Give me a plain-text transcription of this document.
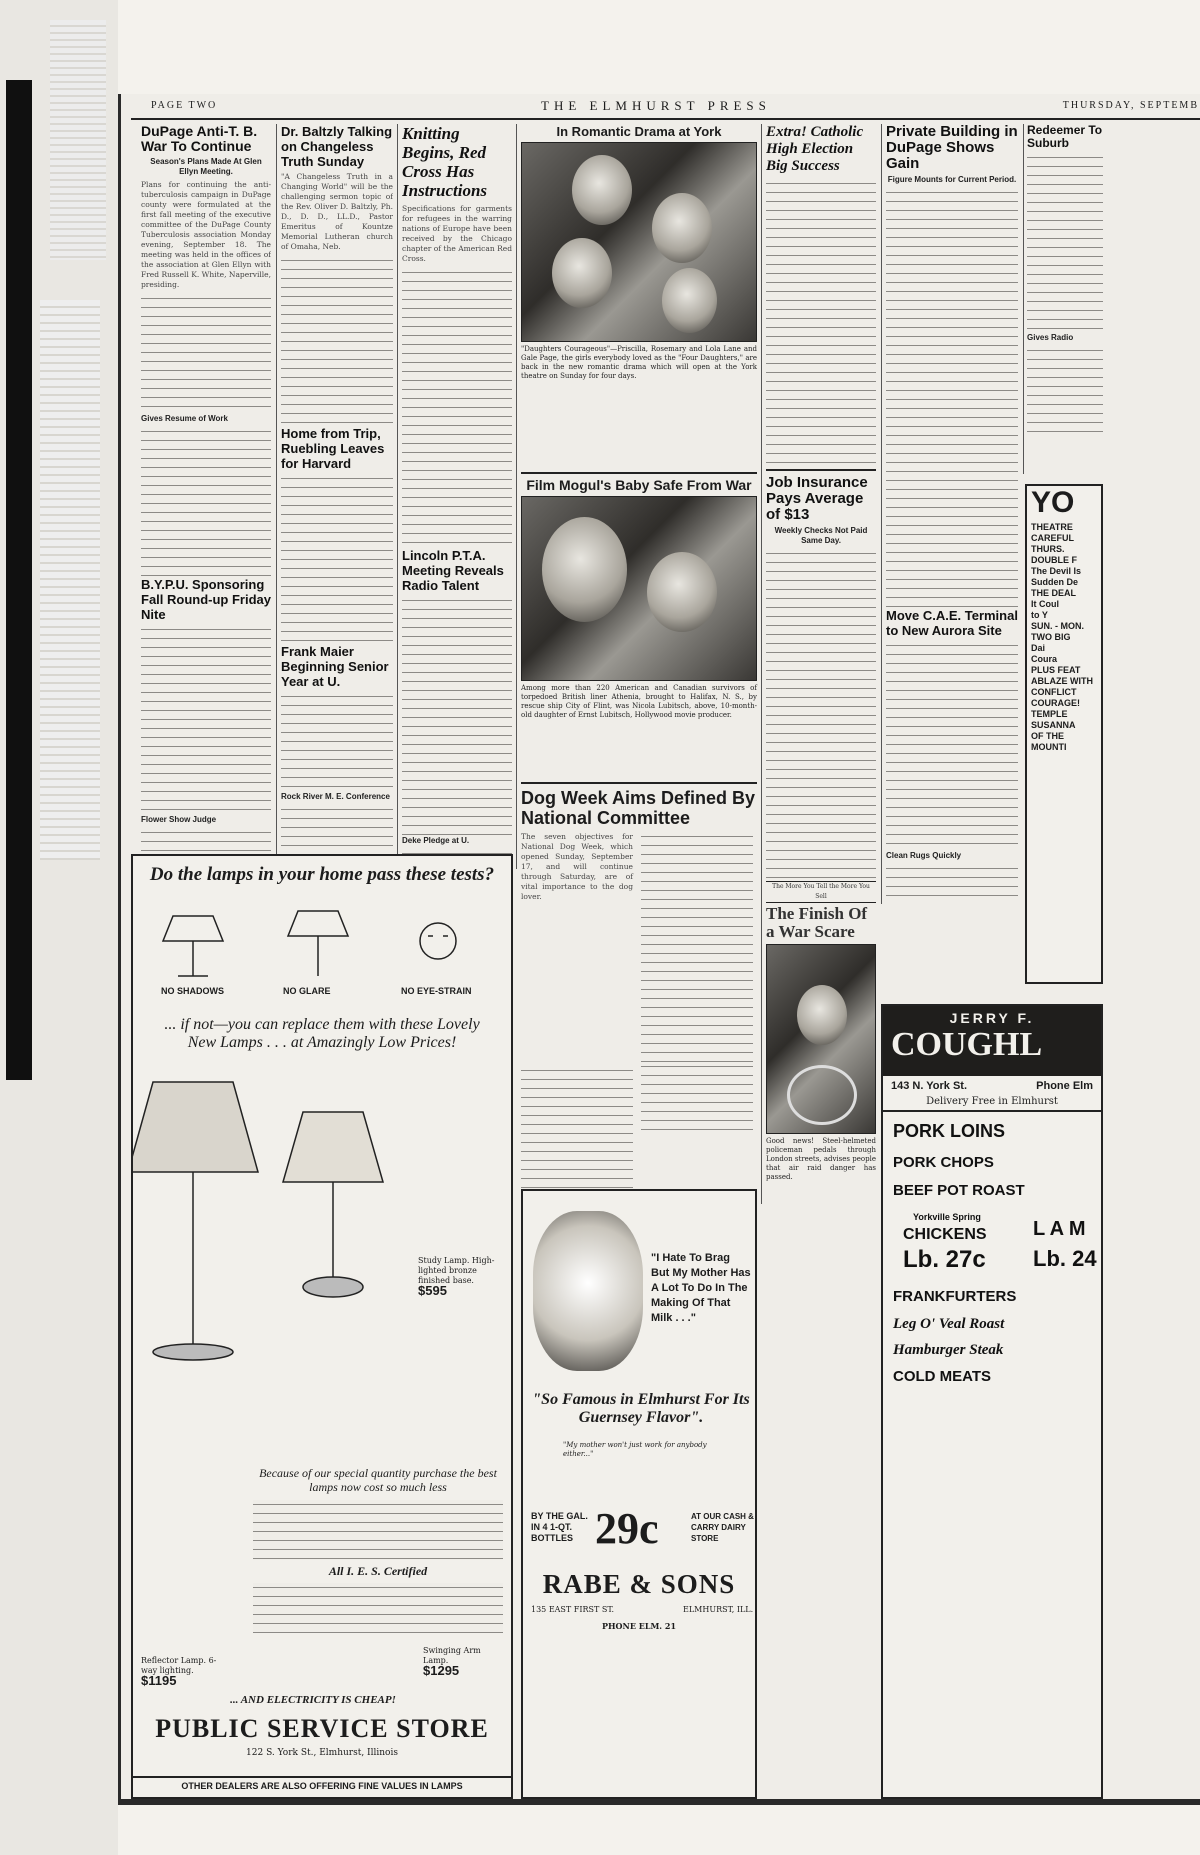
PAGE TWO	THE ELMHURST PRESS	THURSDAY, SEPTEMB
DuPage Anti-T. B. War To Continue
Season's Plans Made At Glen Ellyn Meeting.

Plans for continuing the anti-tuberculosis campaign in DuPage county were formulated at the first fall meeting of the executive committee of the DuPage County Tuberculosis association Monday evening, September 18. The meeting was held in the offices of the association at Glen Ellyn with Fred Russell K. White, Naperville, presiding.

Gives Resume of Work
B.Y.P.U. Sponsoring Fall Round-up Friday Nite
Flower Show Judge
Dr. Baltzly Talking on Changeless Truth Sunday

"A Changeless Truth in a Changing World" will be the challenging sermon topic of the Rev. Oliver D. Baltzly, Ph. D., D. D., LL.D., Pastor Emeritus of Kountze Memorial Lutheran church of Omaha, Neb.

Home from Trip, Ruebling Leaves for Harvard
Frank Maier Beginning Senior Year at U.
Rock River M. E. Conference
Knitting Begins, Red Cross Has Instructions

Specifications for garments for refugees in the warring nations of Europe have been received by the Chicago chapter of the American Red Cross.

Lincoln P.T.A. Meeting Reveals Radio Talent
Deke Pledge at U.
In Romantic Drama at York

"Daughters Courageous"—Priscilla, Rosemary and Lola Lane and Gale Page, the girls everybody loved as the "Four Daughters," are back in the new romantic drama which will open at the York theatre on Sunday for four days.

Film Mogul's Baby Safe From War

Among more than 220 American and Canadian survivors of torpedoed British liner Athenia, brought to Halifax, N. S., by rescue ship City of Flint, was Nicola Lubitsch, above, 10-month-old daughter of Ernst Lubitsch, Hollywood movie producer.

Dog Week Aims Defined By National Committee

The seven objectives for National Dog Week, which opened Sunday, September 17, and will continue through Saturday, are of vital importance to the dog lover.

Extra! Catholic High Election Big Success
Job Insurance Pays Average of $13
Weekly Checks Not Paid Same Day.
The More You Tell the More You Sell
The Finish Of a War Scare

Good news! Steel-helmeted policeman pedals through London streets, advises people that air raid danger has passed.

Private Building in DuPage Shows Gain
Figure Mounts for Current Period.
Move C.A.E. Terminal to New Aurora Site
Clean Rugs Quickly
Redeemer To Suburb
Gives Radio
YO
THEATRE
CAREFUL
THURS.
DOUBLE F
The Devil Is
Sudden De
THE DEAL
It Coul
to Y
SUN. - MON.
TWO BIG
Dai
Coura
PLUS FEAT
ABLAZE WITH
CONFLICT
COURAGE!
TEMPLE
SUSANNA
OF THE
MOUNTI
Do the lamps in your home pass these tests?
NO SHADOWS	NO GLARE	NO EYE-STRAIN
... if not—you can replace them with these Lovely New Lamps . . . at Amazingly Low Prices!
Study Lamp. High-lighted bronze finished base.
$595
Because of our special quantity purchase the best lamps now cost so much less
All I. E. S. Certified
Reflector Lamp. 6-way lighting.
$1195
... AND ELECTRICITY IS CHEAP!
Swinging Arm Lamp.
$1295
PUBLIC SERVICE STORE
122 S. York St., Elmhurst, Illinois
OTHER DEALERS ARE ALSO OFFERING FINE VALUES IN LAMPS
"I Hate To Brag But My Mother Has A Lot To Do In The Making Of That Milk . . ."
"So Famous in Elmhurst For Its Guernsey Flavor".
"My mother won't just work for anybody either..."
BY THE GAL. IN 4 1-QT. BOTTLES 29c	AT OUR CASH & CARRY DAIRY STORE
RABE & SONS
135 EAST FIRST ST.	ELMHURST, ILL.
PHONE ELM. 21
JERRY F.
COUGHL
143 N. York St.	Phone Elm
Delivery Free in Elmhurst
PORK LOINS
PORK CHOPS
BEEF POT ROAST
Yorkville Spring
CHICKENS
Lb. 27c
L A M
Lb. 24
FRANKFURTERS
Leg O' Veal Roast
Hamburger Steak
COLD MEATS
